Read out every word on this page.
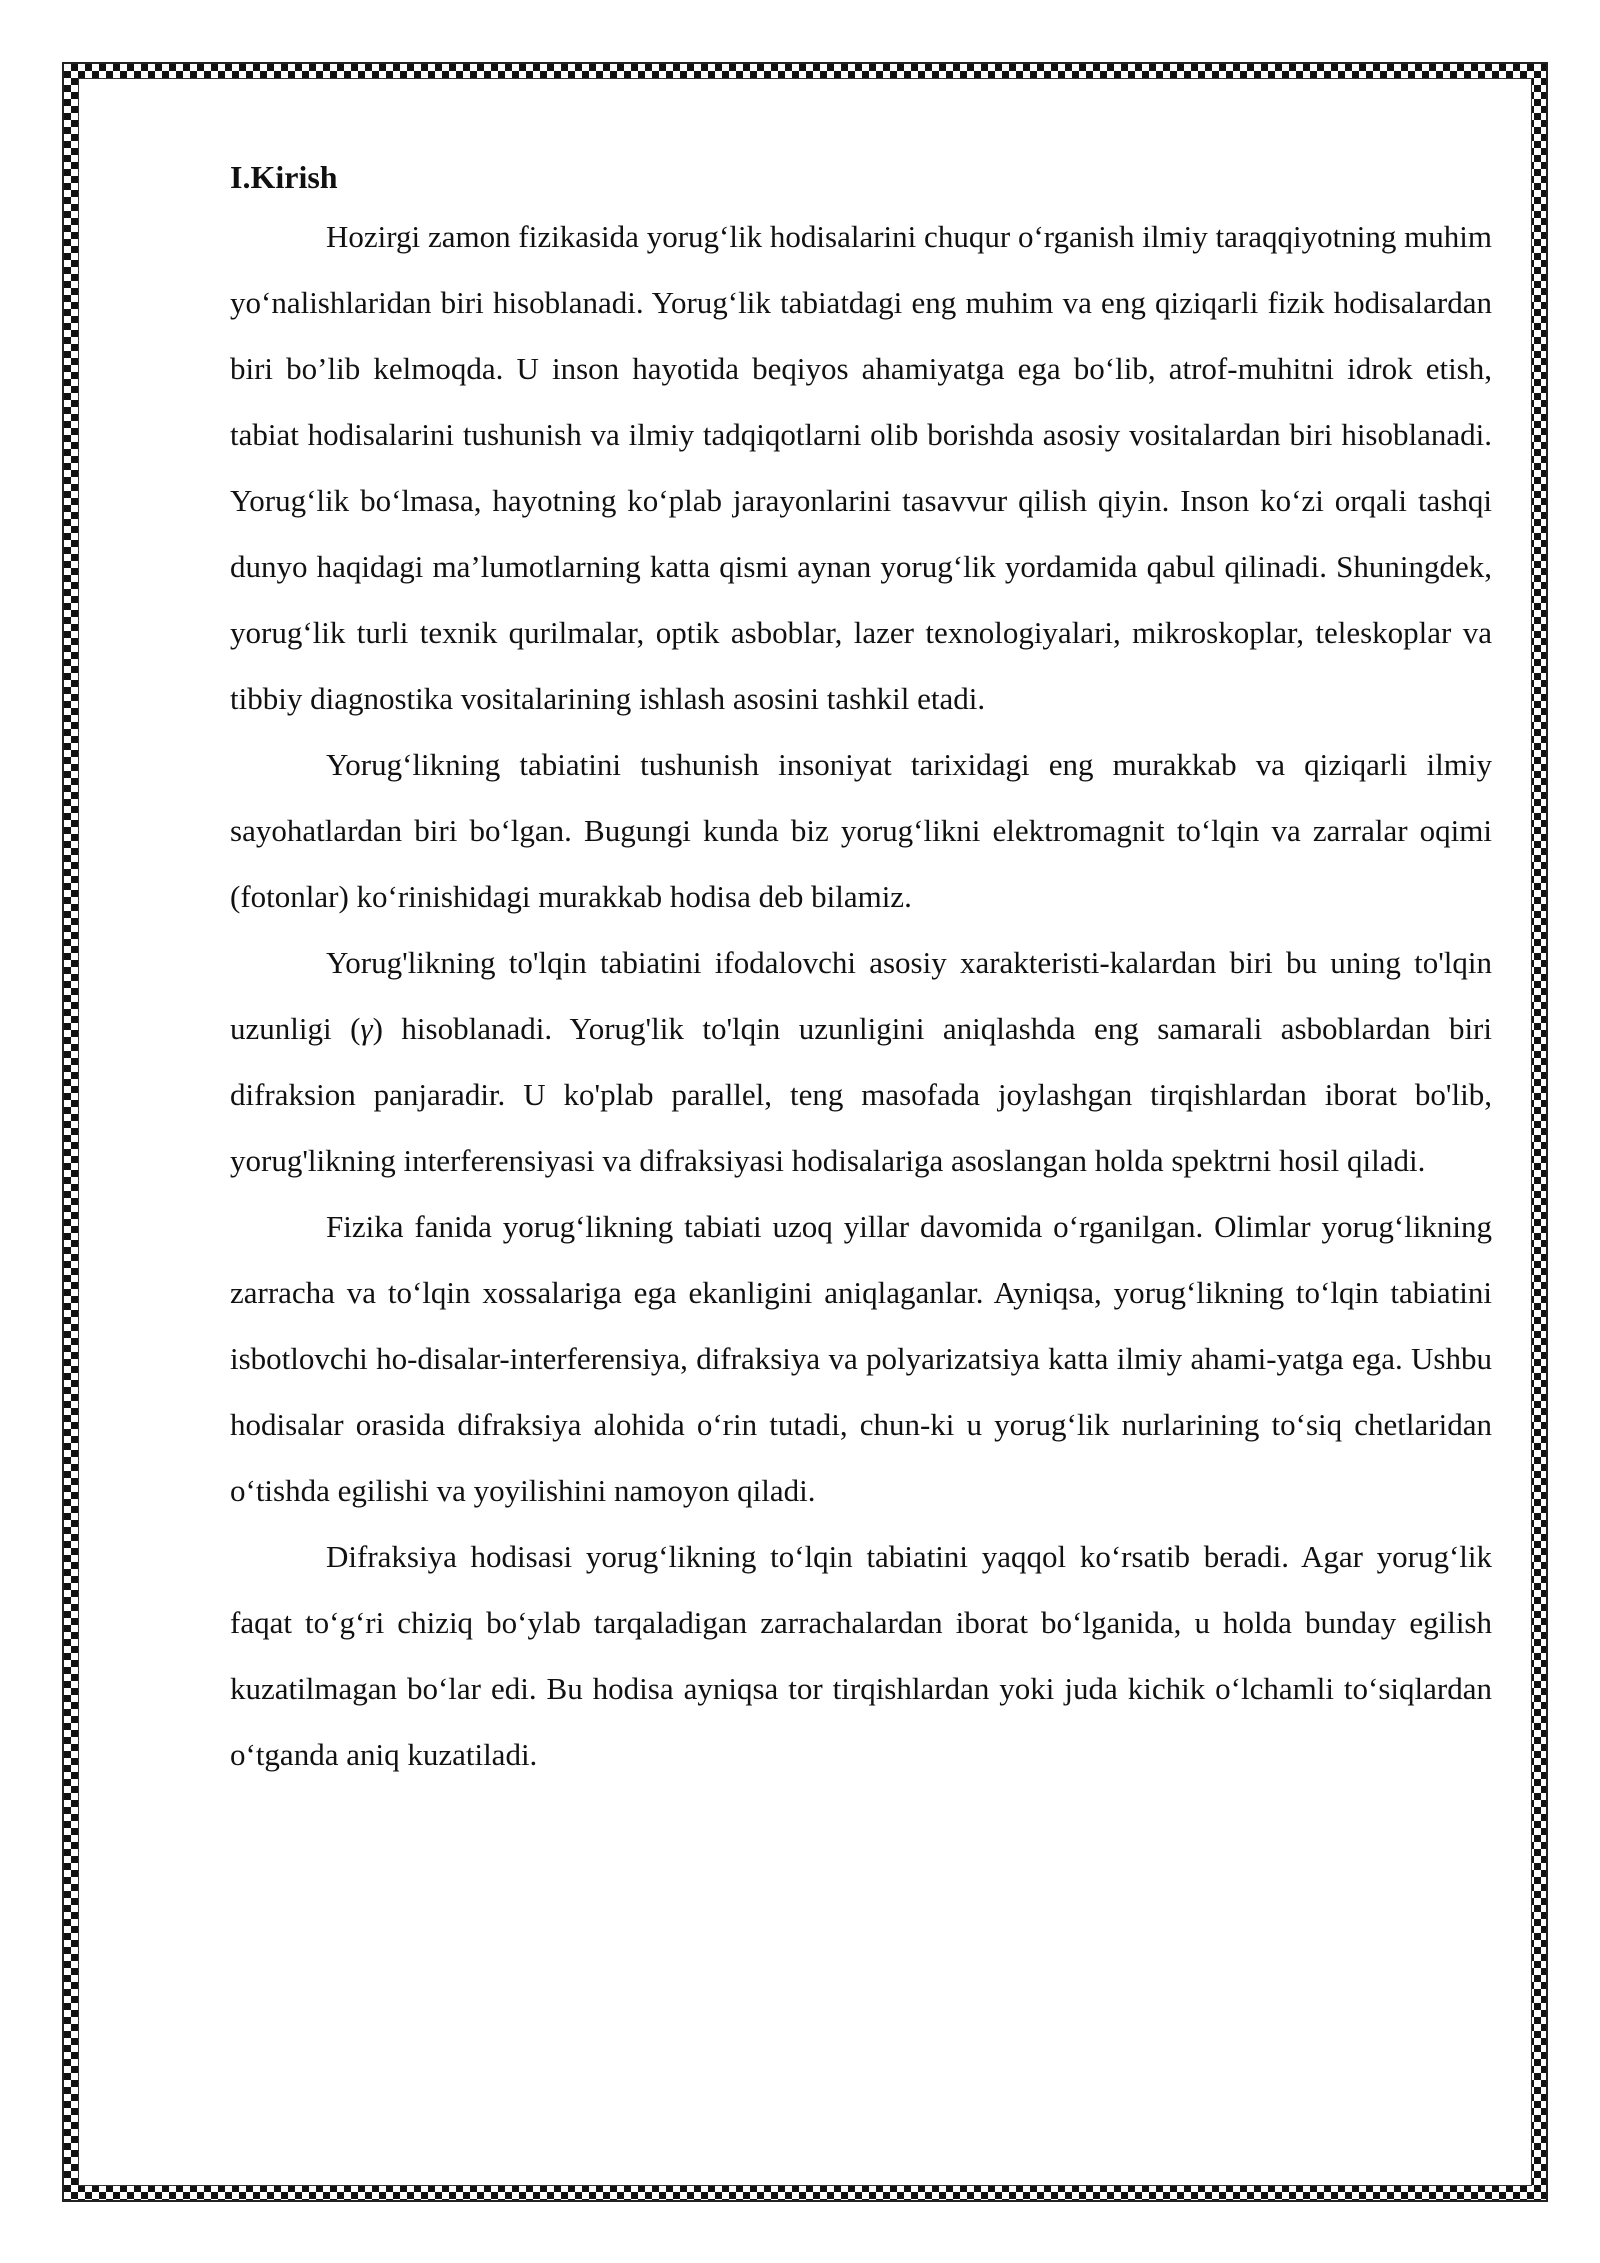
I.Kirish

Hozirgi zamon fizikasida yorug‘lik hodisalarini chuqur o‘rganish ilmiy taraqqiyotning muhim yo‘nalishlaridan biri hisoblanadi. Yorug‘lik tabiatdagi eng muhim va eng qiziqarli fizik hodisalardan biri bo’lib kelmoqda. U inson hayotida beqiyos ahamiyatga ega bo‘lib, atrof-muhitni idrok etish, tabiat hodisalarini tushunish va ilmiy tadqiqotlarni olib borishda asosiy vositalardan biri hisoblanadi. Yorug‘lik bo‘lmasa, hayotning ko‘plab jarayonlarini tasavvur qilish qiyin. Inson ko‘zi orqali tashqi dunyo haqidagi ma’lumotlarning katta qismi aynan yorug‘lik yordamida qabul qilinadi. Shuningdek, yorug‘lik turli texnik qurilmalar, optik asboblar, lazer texnologiyalari, mikroskoplar, teleskoplar va tibbiy diagnostika vositalarining ishlash asosini tashkil etadi.

Yorug‘likning tabiatini tushunish insoniyat tarixidagi eng murakkab va qiziqarli ilmiy sayohatlardan biri bo‘lgan. Bugungi kunda biz yorug‘likni elektromagnit to‘lqin va zarralar oqimi (fotonlar) ko‘rinishidagi murakkab hodisa deb bilamiz.

Yorug'likning to'lqin tabiatini ifodalovchi asosiy xarakteristi-kalardan biri bu uning to'lqin uzunligi (γ) hisoblanadi. Yorug'lik to'lqin uzunligini aniqlashda eng samarali asboblardan biri difraksion panjaradir. U ko'plab parallel, teng masofada joylashgan tirqishlardan iborat bo'lib, yorug'likning interferensiyasi va difraksiyasi hodisalariga asoslangan holda spektrni hosil qiladi.

Fizika fanida yorug‘likning tabiati uzoq yillar davomida o‘rganilgan. Olimlar yorug‘likning zarracha va to‘lqin xossalariga ega ekanligini aniqlaganlar. Ayniqsa, yorug‘likning to‘lqin tabiatini isbotlovchi ho-disalar-interferensiya, difraksiya va polyarizatsiya katta ilmiy ahami-yatga ega. Ushbu hodisalar orasida difraksiya alohida o‘rin tutadi, chun-ki u yorug‘lik nurlarining to‘siq chetlaridan o‘tishda egilishi va yoyilishini namoyon qiladi.

Difraksiya hodisasi yorug‘likning to‘lqin tabiatini yaqqol ko‘rsatib beradi. Agar yorug‘lik faqat to‘g‘ri chiziq bo‘ylab tarqaladigan zarrachalardan iborat bo‘lganida, u holda bunday egilish kuzatilmagan bo‘lar edi. Bu hodisa ayniqsa tor tirqishlardan yoki juda kichik o‘lchamli to‘siqlardan o‘tganda aniq kuzatiladi.
